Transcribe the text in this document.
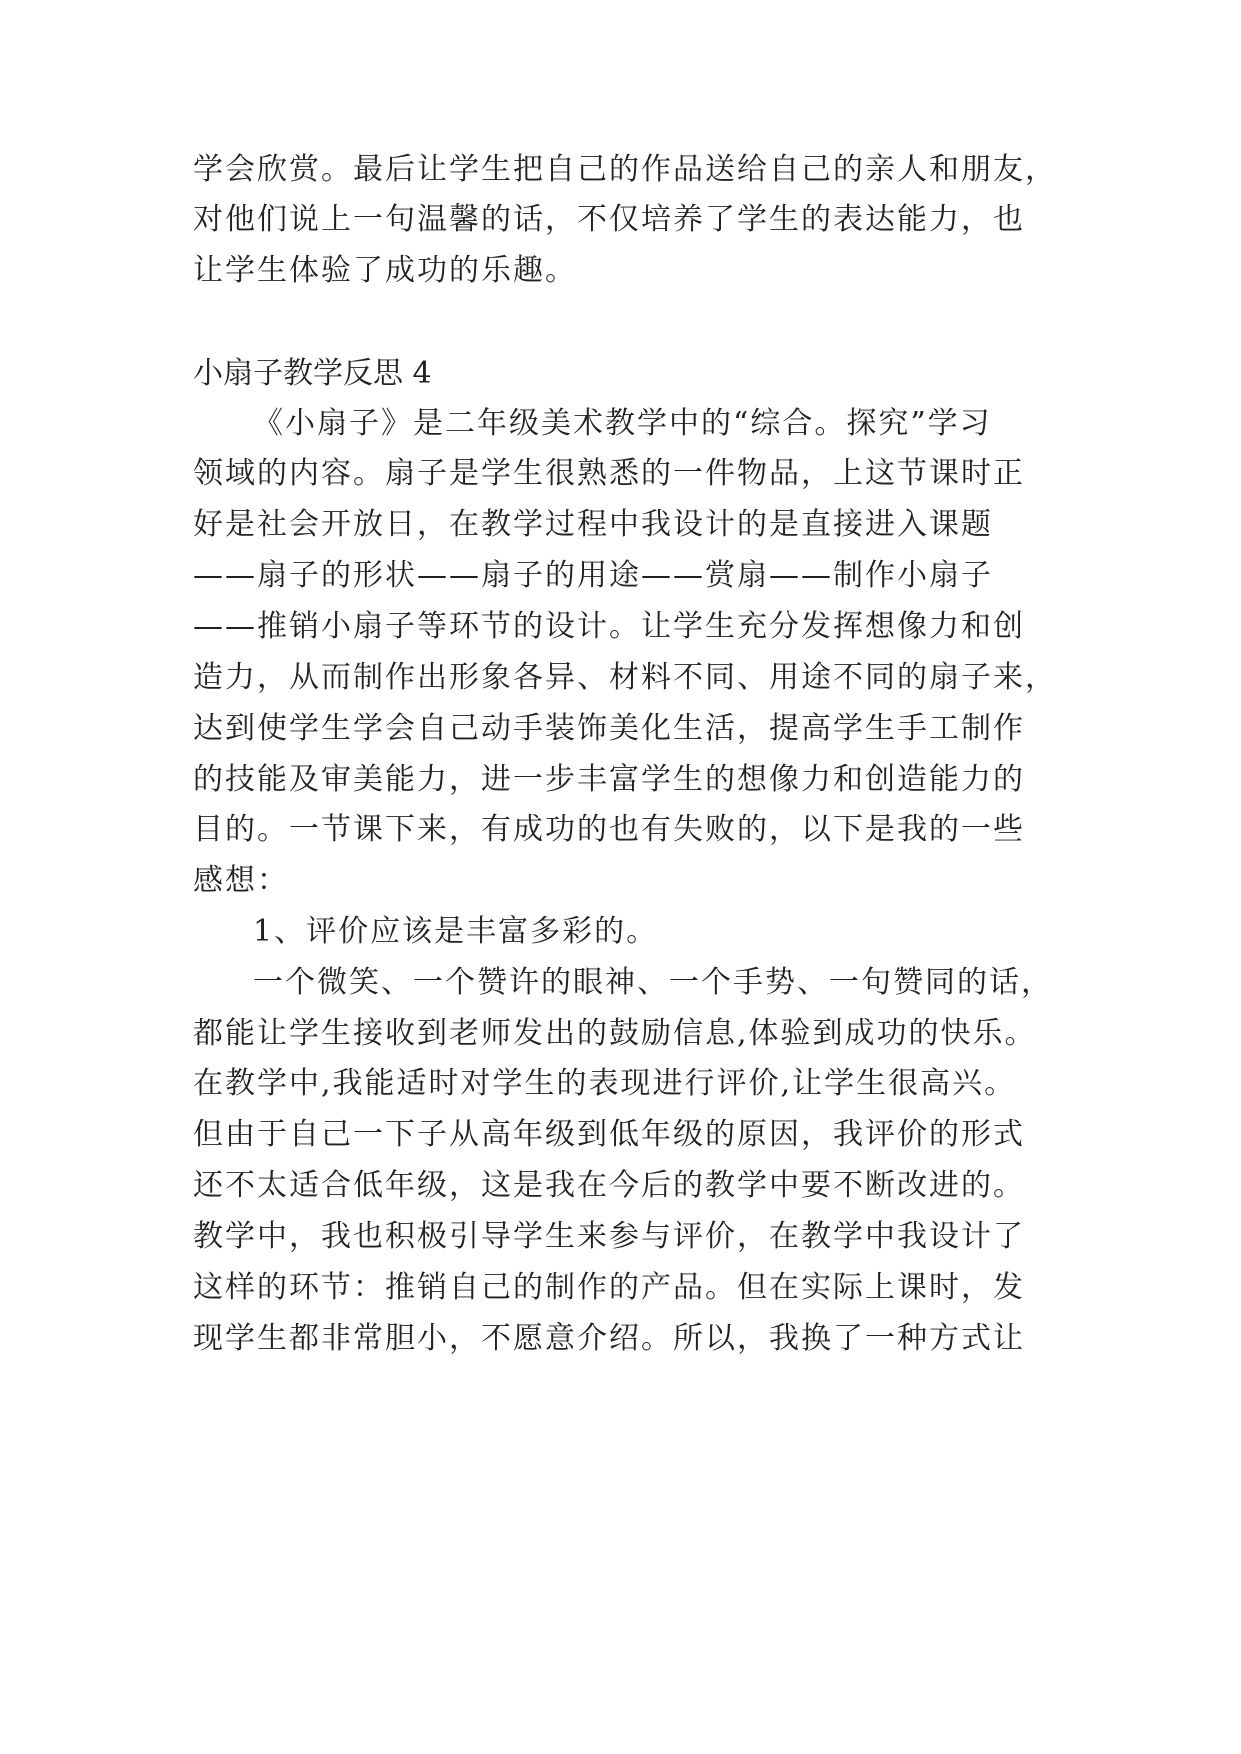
学会欣赏。最后让学生把自己的作品送给自己的亲人和朋友，
对他们说上一句温馨的话，不仅培养了学生的表达能力，也
让学生体验了成功的乐趣。
小扇子教学反思 4
《小扇子》是二年级美术教学中的“综合。探究”学习
领域的内容。扇子是学生很熟悉的一件物品，上这节课时正
好是社会开放日，在教学过程中我设计的是直接进入课题
——扇子的形状——扇子的用途——赏扇——制作小扇子
——推销小扇子等环节的设计。让学生充分发挥想像力和创
造力，从而制作出形象各异、材料不同、用途不同的扇子来，
达到使学生学会自己动手装饰美化生活，提高学生手工制作
的技能及审美能力，进一步丰富学生的想像力和创造能力的
目的。一节课下来，有成功的也有失败的，以下是我的一些
感想：
1、评价应该是丰富多彩的。
一个微笑、一个赞许的眼神、一个手势、一句赞同的话，
都能让学生接收到老师发出的鼓励信息,体验到成功的快乐。
在教学中,我能适时对学生的表现进行评价,让学生很高兴。
但由于自己一下子从高年级到低年级的原因，我评价的形式
还不太适合低年级，这是我在今后的教学中要不断改进的。
教学中，我也积极引导学生来参与评价，在教学中我设计了
这样的环节：推销自己的制作的产品。但在实际上课时，发
现学生都非常胆小，不愿意介绍。所以，我换了一种方式让
